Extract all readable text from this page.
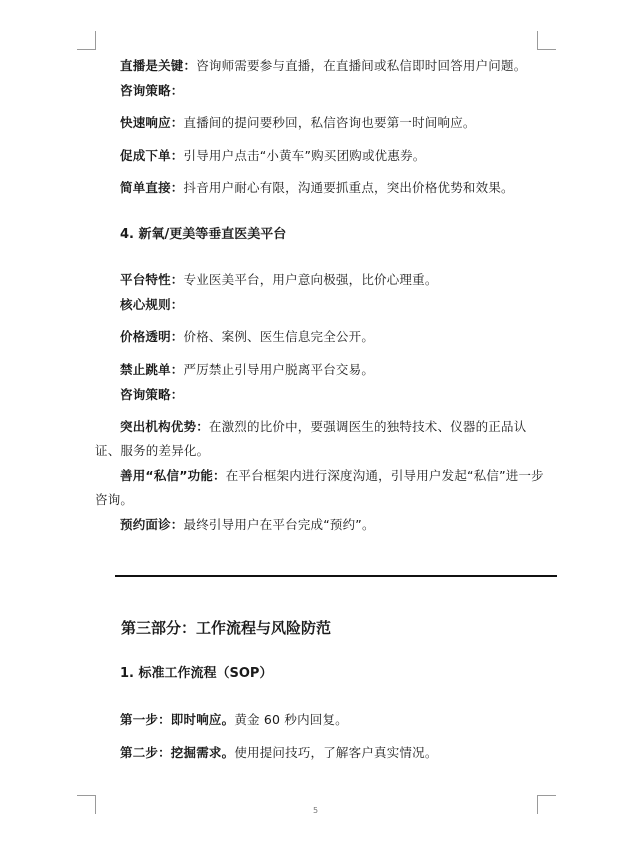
直播是关键：咨询师需要参与直播，在直播间或私信即时回答用户问题。
咨询策略：
快速响应：直播间的提问要秒回，私信咨询也要第一时间响应。
促成下单：引导用户点击“小黄车”购买团购或优惠券。
简单直接：抖音用户耐心有限，沟通要抓重点，突出价格优势和效果。
4. 新氧/更美等垂直医美平台
平台特性：专业医美平台，用户意向极强，比价心理重。
核心规则：
价格透明：价格、案例、医生信息完全公开。
禁止跳单：严厉禁止引导用户脱离平台交易。
咨询策略：
突出机构优势：在激烈的比价中，要强调医生的独特技术、仪器的正品认
证、服务的差异化。
善用“私信”功能：在平台框架内进行深度沟通，引导用户发起“私信”进一步
咨询。
预约面诊：最终引导用户在平台完成“预约”。
第三部分：工作流程与风险防范
1. 标准工作流程（SOP）
第一步：即时响应。黄金 60 秒内回复。
第二步：挖掘需求。使用提问技巧，了解客户真实情况。
5
